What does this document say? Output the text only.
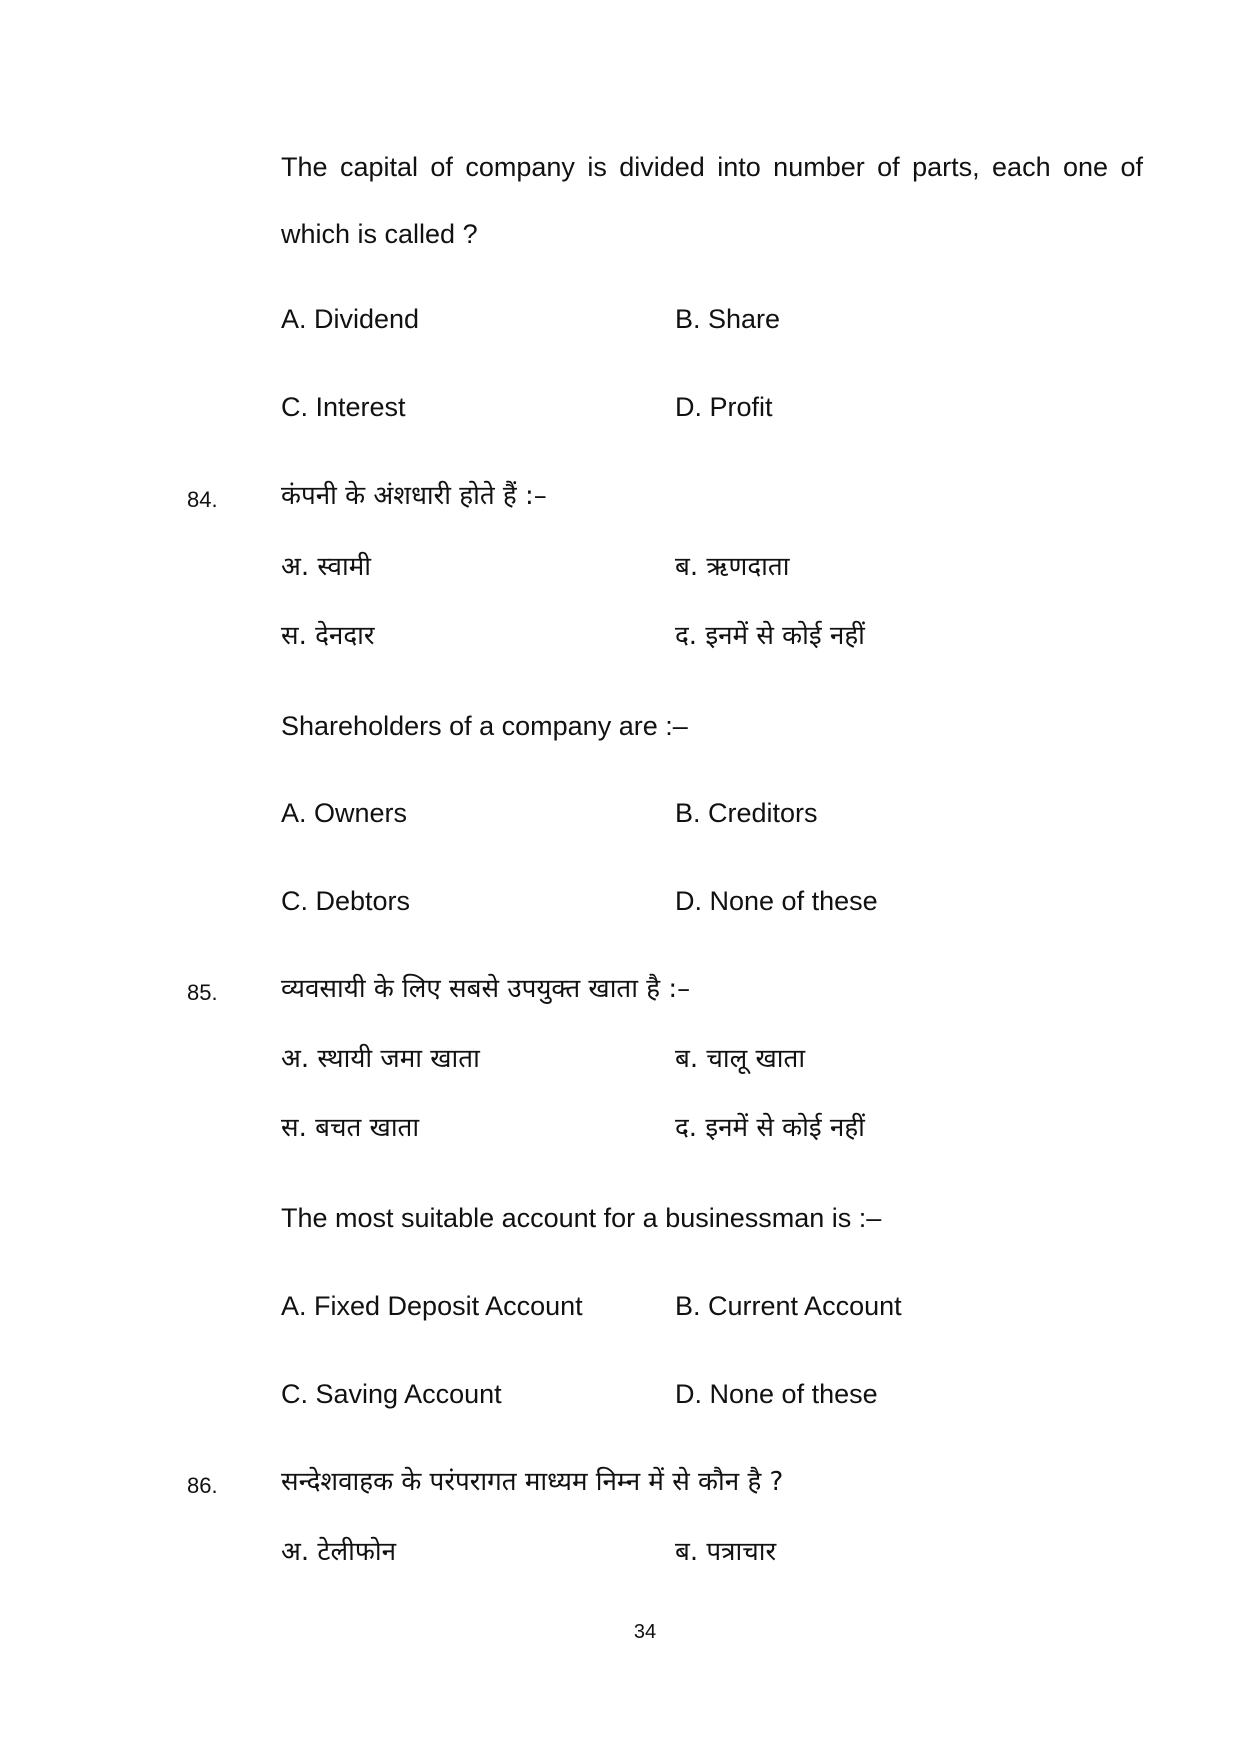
The capital of company is divided into number of parts, each one of which is called ?
A. Dividend	B. Share
C. Interest	D. Profit
84. कंपनी के अंशधारी होते हैं :–
अ. स्वामी	ब. ऋणदाता
स. देनदार	द. इनमें से कोई नहीं
Shareholders of a company are :–
A. Owners	B. Creditors
C. Debtors	D. None of these
85. व्यवसायी के लिए सबसे उपयुक्त खाता है :–
अ. स्थायी जमा खाता	ब. चालू खाता
स. बचत खाता	द. इनमें से कोई नहीं
The most suitable account for a businessman is :–
A. Fixed Deposit Account	B. Current Account
C. Saving Account	D. None of these
86. सन्देशवाहक के परंपरागत माध्यम निम्न में से कौन है ?
अ. टेलीफोन	ब. पत्राचार
34
